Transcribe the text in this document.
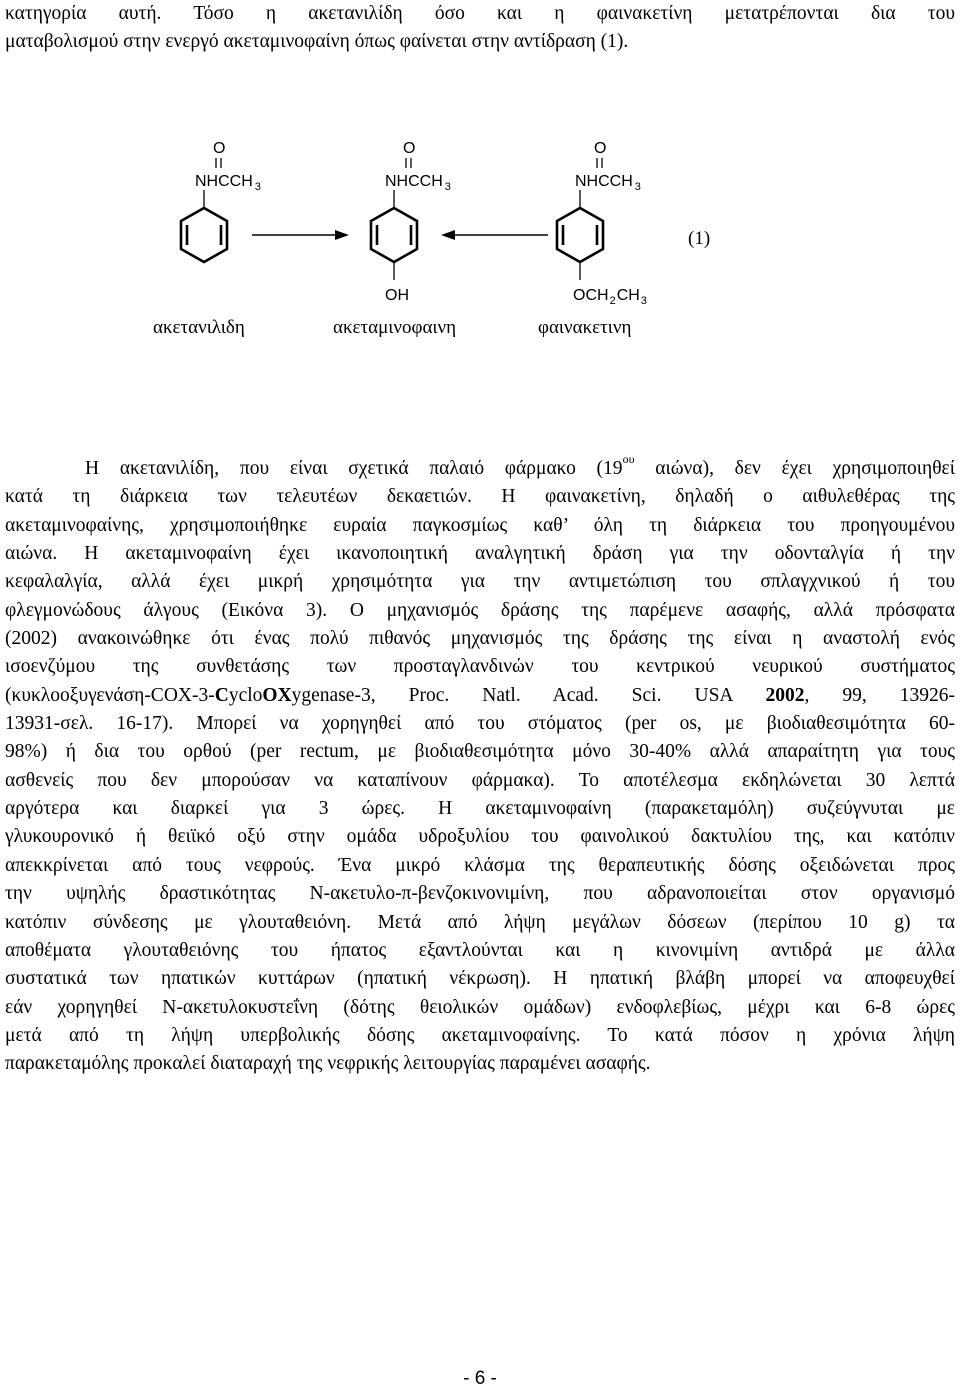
κατηγορία αυτή. Τόσο η ακετανιλίδη όσο και η φαινακετίνη μετατρέπονται δια του
ματαβολισμού στην ενεργό ακεταμινοφαίνη όπως φαίνεται στην αντίδραση (1).
O
NHCCH $_3$
ακετανιλιδη
O
NHCCH $_3$
OH
ακεταμινοφαινη
O
NHCCH $_3$
$OCH_2CH_3$
φαινακετινη
(1)
Η ακετανιλίδη, που είναι σχετικά παλαιό φάρμακο ($19^{o\upsilon}$ αιώνα), δεν έχει χρησιμοποιηθεί
κατά τη διάρκεια των τελευτέων δεκαετιών. Η φαινακετίνη, δηλαδή ο αιθυλεθέρας της
ακεταμινοφαίνης, χρησιμοποιήθηκε ευραία παγκοσμίως καθ’ όλη τη διάρκεια του προηγουμένου
αιώνα. Η ακεταμινοφαίνη έχει ικανοποιητική αναλγητική δράση για την οδονταλγία ή την
κεφαλαλγία, αλλά έχει μικρή χρησιμότητα για την αντιμετώπιση του σπλαγχνικού ή του
φλεγμονώδους άλγους (Εικόνα 3). Ο μηχανισμός δράσης της παρέμενε ασαφής, αλλά πρόσφατα
(2002) ανακοινώθηκε ότι ένας πολύ πιθανός μηχανισμός της δράσης της είναι η αναστολή ενός
ισοενζύμου της συνθετάσης των προσταγλανδινών του κεντρικού νευρικού συστήματος
(κυκλοοξυγενάση-COX-3-CycloOXygenase-3, Proc. Natl. Acad. Sci. USA 2002, 99, 13926-
13931-σελ. 16-17). Μπορεί να χορηγηθεί από του στόματος (per os, με βιοδιαθεσιμότητα 60-
98%) ή δια του ορθού (per rectum, με βιοδιαθεσιμότητα μόνο 30-40% αλλά απαραίτητη για τους
ασθενείς που δεν μπορούσαν να καταπίνουν φάρμακα). Το αποτέλεσμα εκδηλώνεται 30 λεπτά
αργότερα και διαρκεί για 3 ώρες. Η ακεταμινοφαίνη (παρακεταμόλη) συζεύγνυται με
γλυκουρονικό ή θειϊκό οξύ στην ομάδα υδροξυλίου του φαινολικού δακτυλίου της, και κατόπιν
απεκκρίνεται από τους νεφρούς. Ένα μικρό κλάσμα της θεραπευτικής δόσης οξειδώνεται προς
την υψηλής δραστικότητας Ν-ακετυλο-π-βενζοκινονιμίνη, που αδρανοποιείται στον οργανισμό
κατόπιν σύνδεσης με γλουταθειόνη. Μετά από λήψη μεγάλων δόσεων (περίπου 10 g) τα
αποθέματα γλουταθειόνης του ήπατος εξαντλούνται και η κινονιμίνη αντιδρά με άλλα
συστατικά των ηπατικών κυττάρων (ηπατική νέκρωση). Η ηπατική βλάβη μπορεί να αποφευχθεί
εάν χορηγηθεί Ν-ακετυλοκυστεΐνη (δότης θειολικών ομάδων) ενδοφλεβίως, μέχρι και 6-8 ώρες
μετά από τη λήψη υπερβολικής δόσης ακεταμινοφαίνης. Το κατά πόσον η χρόνια λήψη
παρακεταμόλης προκαλεί διαταραχή της νεφρικής λειτουργίας παραμένει ασαφής.
- 6 -
